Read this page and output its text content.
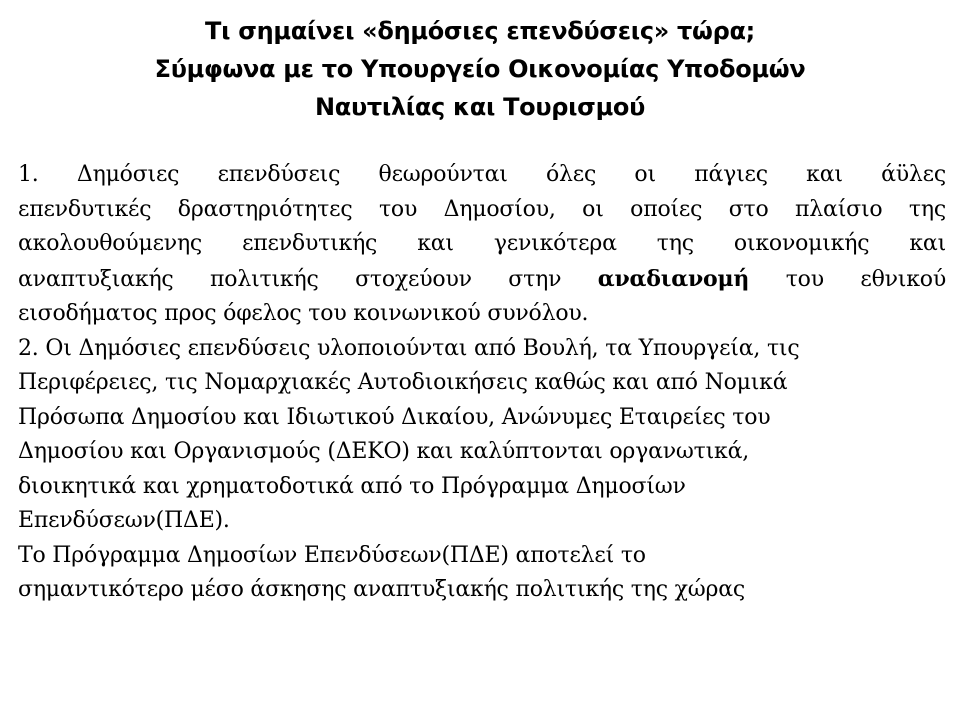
Τι σημαίνει «δημόσιες επενδύσεις» τώρα;
Σύμφωνα με το Υπουργείο Οικονομίας Υποδομών
Ναυτιλίας και Τουρισμού
1. Δημόσιες επενδύσεις θεωρούνται όλες οι πάγιες και άϋλες
επενδυτικές δραστηριότητες του Δημοσίου, οι οποίες στο πλαίσιο της
ακολουθούμενης επενδυτικής και γενικότερα της οικονομικής και
αναπτυξιακής πολιτικής στοχεύουν στην αναδιανομή του εθνικού
εισοδήματος προς όφελος του κοινωνικού συνόλου.
2. Οι Δημόσιες επενδύσεις υλοποιούνται από Βουλή, τα Υπουργεία, τις
Περιφέρειες, τις Νομαρχιακές Αυτοδιοικήσεις καθώς και από Νομικά
Πρόσωπα Δημοσίου και Ιδιωτικού Δικαίου, Ανώνυμες Εταιρείες του
Δημοσίου και Οργανισμούς (ΔΕΚΟ) και καλύπτονται οργανωτικά,
διοικητικά και χρηματοδοτικά από το Πρόγραμμα Δημοσίων
Επενδύσεων(ΠΔΕ).
Το Πρόγραμμα Δημοσίων Επενδύσεων(ΠΔΕ) αποτελεί το
σημαντικότερο μέσο άσκησης αναπτυξιακής πολιτικής της χώρας
